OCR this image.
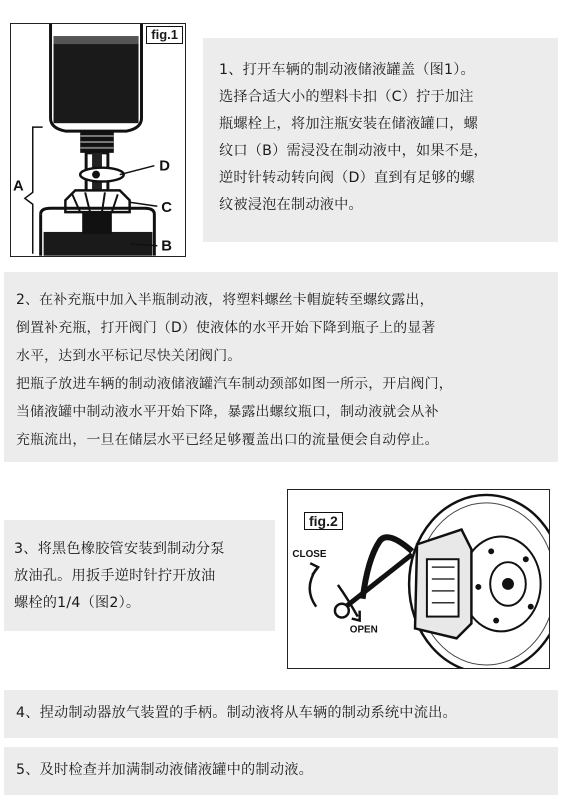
A
D
C
B
fig.1

1、打开车辆的制动液储液罐盖（图1）。

选择合适大小的塑料卡扣（C）拧于加注

瓶螺栓上，将加注瓶安装在储液罐口，螺

纹口（B）需浸没在制动液中，如果不是，

逆时针转动转向阀（D）直到有足够的螺

纹被浸泡在制动液中。

2、在补充瓶中加入半瓶制动液，将塑料螺丝卡帽旋转至螺纹露出，

倒置补充瓶，打开阀门（D）使液体的水平开始下降到瓶子上的显著

水平，达到水平标记尽快关闭阀门。

把瓶子放进车辆的制动液储液罐汽车制动颈部如图一所示，开启阀门，

当储液罐中制动液水平开始下降，暴露出螺纹瓶口，制动液就会从补

充瓶流出，一旦在储层水平已经足够覆盖出口的流量便会自动停止。

3、将黑色橡胶管安装到制动分泵

放油孔。用扳手逆时针拧开放油

螺栓的1/4（图2）。

CLOSE
OPEN
fig.2

4、捏动制动器放气装置的手柄。制动液将从车辆的制动系统中流出。

5、及时检查并加满制动液储液罐中的制动液。
